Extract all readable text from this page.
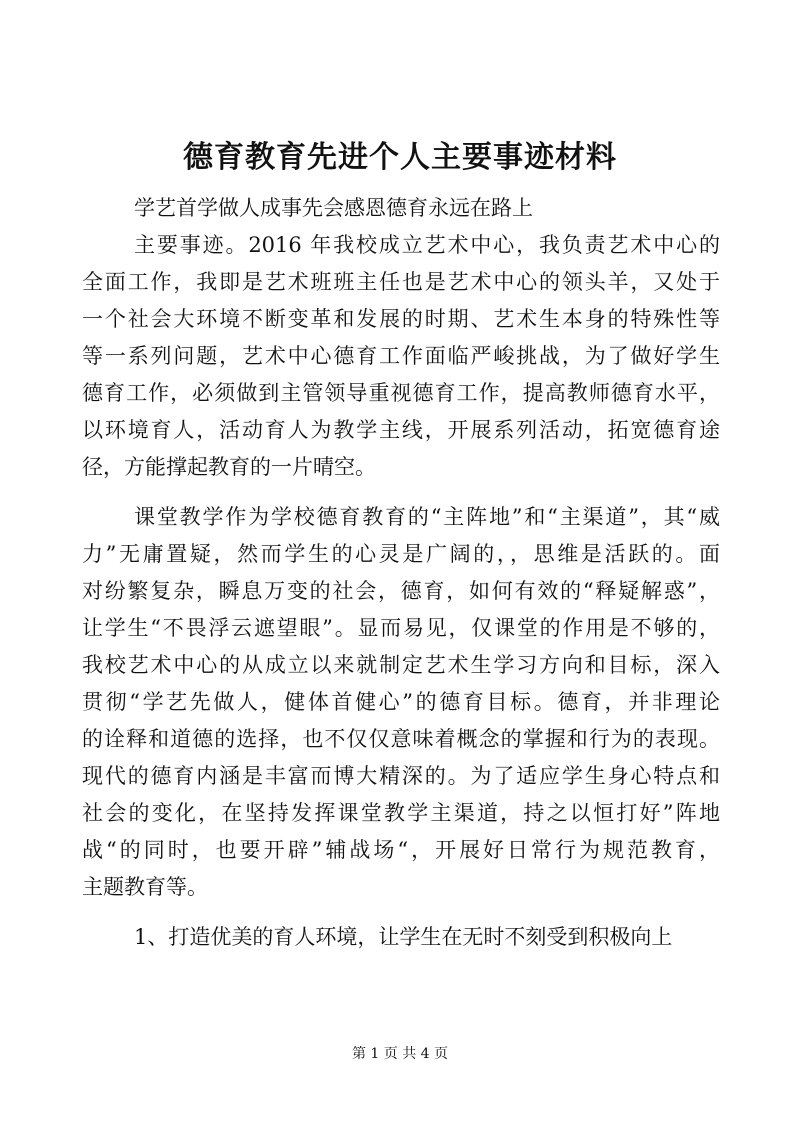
德育教育先进个人主要事迹材料
学艺首学做人成事先会感恩德育永远在路上
主要事迹。2016 年我校成立艺术中心，我负责艺术中心的
全面工作，我即是艺术班班主任也是艺术中心的领头羊，又处于
一个社会大环境不断变革和发展的时期、艺术生本身的特殊性等
等一系列问题，艺术中心德育工作面临严峻挑战，为了做好学生
德育工作，必须做到主管领导重视德育工作，提高教师德育水平，
以环境育人，活动育人为教学主线，开展系列活动，拓宽德育途
径，方能撑起教育的一片晴空。
课堂教学作为学校德育教育的“主阵地”和“主渠道”，其“威
力”无庸置疑，然而学生的心灵是广阔的，，思维是活跃的。面
对纷繁复杂，瞬息万变的社会，德育，如何有效的“释疑解惑”，
让学生“不畏浮云遮望眼”。显而易见，仅课堂的作用是不够的，
我校艺术中心的从成立以来就制定艺术生学习方向和目标，深入
贯彻“学艺先做人，健体首健心”的德育目标。德育，并非理论
的诠释和道德的选择，也不仅仅意味着概念的掌握和行为的表现。
现代的德育内涵是丰富而博大精深的。为了适应学生身心特点和
社会的变化，在坚持发挥课堂教学主渠道，持之以恒打好”阵地
战“的同时，也要开辟”辅战场“，开展好日常行为规范教育，
主题教育等。
1、打造优美的育人环境，让学生在无时不刻受到积极向上
第 1 页 共 4 页
